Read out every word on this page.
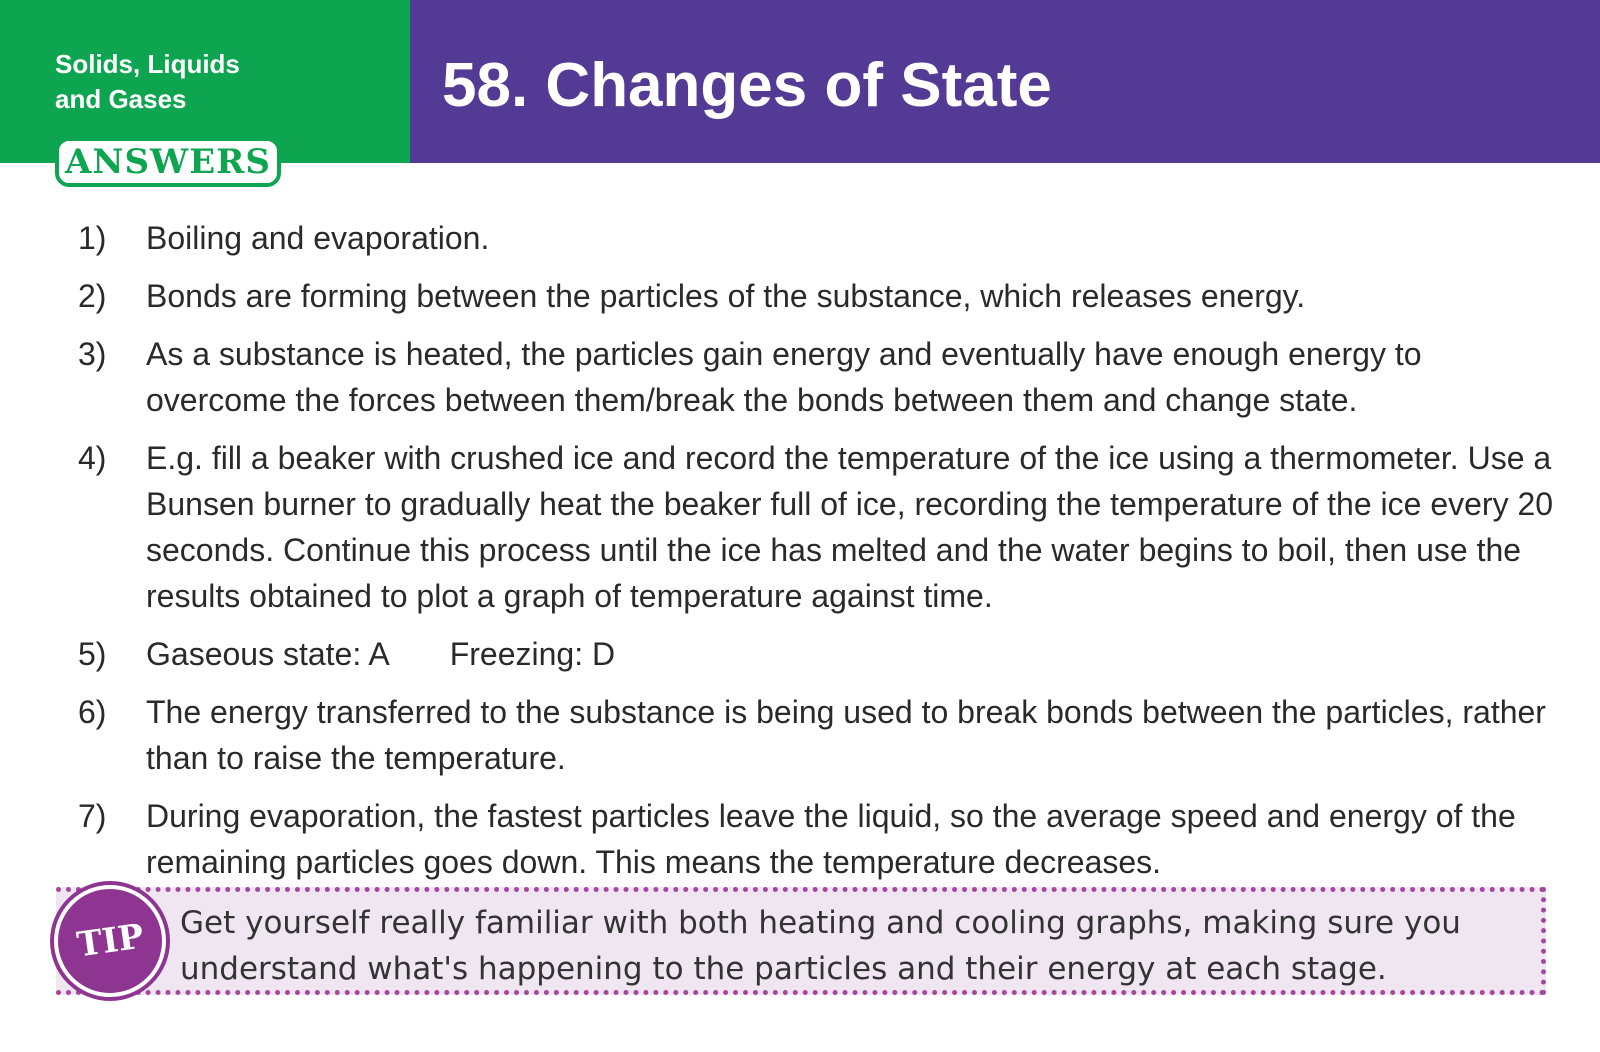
Solids, Liquids
and Gases
ANSWERS
58. Changes of State
1)	Boiling and evaporation.
2)	Bonds are forming between the particles of the substance, which releases energy.
3)	As a substance is heated, the particles gain energy and eventually have enough energy to overcome the forces between them/break the bonds between them and change state.
4)	E.g. fill a beaker with crushed ice and record the temperature of the ice using a thermometer. Use a Bunsen burner to gradually heat the beaker full of ice, recording the temperature of the ice every 20 seconds. Continue this process until the ice has melted and the water begins to boil, then use the results obtained to plot a graph of temperature against time.
5)	Gaseous state: A Freezing: D
6)	The energy transferred to the substance is being used to break bonds between the particles, rather than to raise the temperature.
7)	During evaporation, the fastest particles leave the liquid, so the average speed and energy of the remaining particles goes down. This means the temperature decreases.
TIP Get yourself really familiar with both heating and cooling graphs, making sure you understand what's happening to the particles and their energy at each stage.
